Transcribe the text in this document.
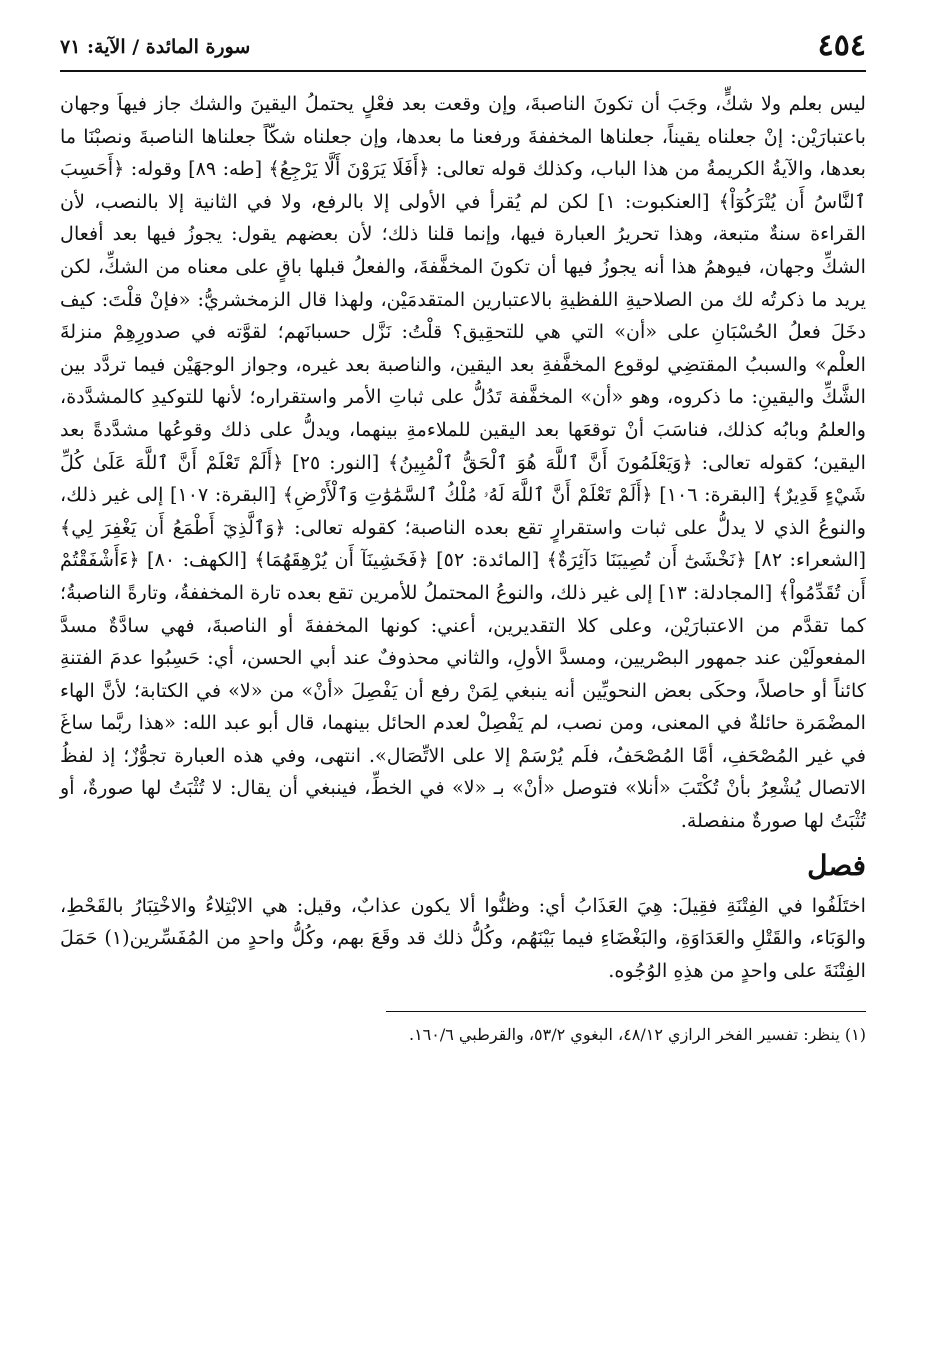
٤٥٤
سورة المائدة / الآية: ٧١

ليس بعلم ولا شكٍّ، وجَبَ أن تكونَ الناصبةَ، وإن وقعت بعد فعْلٍ يحتملُ اليقينَ والشك جاز فيهاَ وجهان باعتبارَيْن: إنْ جعلناه يقيناً، جعلناها المخففةَ ورفعنا ما بعدها، وإن جعلناه شكّاً جعلناها الناصبةَ ونصبْنَا ما بعدها، والآيةُ الكريمةُ من هذا الباب، وكذلك قوله تعالى: ﴿أَفَلَا يَرَوْنَ أَلَّا يَرْجِعُ﴾ [طه: ٨٩] وقوله: ﴿أَحَسِبَ ٱلنَّاسُ أَن يُتْرَكُوٓاْ﴾ [العنكبوت: ١] لكن لم يُقرأ في الأولى إلا بالرفع، ولا في الثانية إلا بالنصب، لأن القراءة سنةٌ متبعة، وهذا تحريرُ العبارة فيها، وإنما قلنا ذلك؛ لأن بعضهم يقول: يجوزُ فيها بعد أفعال الشكِّ وجهان، فيوهمُ هذا أنه يجوزُ فيها أن تكونَ المخفَّفةَ، والفعلُ قبلها باقٍ على معناه من الشكِّ، لكن يريد ما ذكرتُه لك من الصلاحيةِ اللفظيةِ بالاعتبارين المتقدمَيْن، ولهذا قال الزمخشريُّ: «فإنْ قلْتَ: كيف دخَلَ فعلُ الحُسْبَانِ على «أن» التي هي للتحقِيق؟ قلْتُ: نَزَّل حسبانَهم؛ لقوَّته في صدورِهِمْ منزلةَ العلْم» والسببُ المقتضِي لوقوع المخفَّفةِ بعد اليقين، والناصبة بعد غيره، وجواز الوجهَيْن فيما تردَّد بين الشَّكِّ واليقينِ: ما ذكروه، وهو «أن» المخفَّفة تَدُلُّ على ثباتِ الأمر واستقراره؛ لأنها للتوكيدِ كالمشدَّدة، والعلمُ وبابُه كذلك، فناسَبَ أنْ توقعَها بعد اليقين للملاءمةِ بينهما، ويدلُّ على ذلك وقوعُها مشدَّدةً بعد اليقين؛ كقوله تعالى: ﴿وَيَعْلَمُونَ أَنَّ ٱللَّهَ هُوَ ٱلْحَقُّ ٱلْمُبِينُ﴾ [النور: ٢٥] ﴿أَلَمْ تَعْلَمْ أَنَّ ٱللَّهَ عَلَىٰ كُلِّ شَيْءٍ قَدِيرٌ﴾ [البقرة: ١٠٦] ﴿أَلَمْ تَعْلَمْ أَنَّ ٱللَّهَ لَهُۥ مُلْكُ ٱلسَّمَٰوَٰتِ وَٱلْأَرْضِ﴾ [البقرة: ١٠٧] إلى غير ذلك، والنوعُ الذي لا يدلُّ على ثبات واستقرارٍ تقع بعده الناصبة؛ كقوله تعالى: ﴿وَٱلَّذِيٓ أَطْمَعُ أَن يَغْفِرَ لِي﴾ [الشعراء: ٨٢] ﴿نَخْشَىٰٓ أَن تُصِيبَنَا دَآئِرَةٌ﴾ [المائدة: ٥٢] ﴿فَخَشِينَآ أَن يُرْهِقَهُمَا﴾ [الكهف: ٨٠] ﴿ءَأَشْفَقْتُمْ أَن تُقَدِّمُواْ﴾ [المجادلة: ١٣] إلى غير ذلك، والنوعُ المحتملُ للأمرين تقع بعده تارة المخففةُ، وتارةً الناصبةُ؛ كما تقدَّم من الاعتبارَيْن، وعلى كلا التقديرين، أعني: كونها المخففةَ أو الناصبةَ، فهي سادَّةٌ مسدَّ المفعولَيْن عند جمهور البصْريين، ومسدَّ الأولِ، والثاني محذوفٌ عند أبي الحسن، أي: حَسِبُوا عدمَ الفتنةِ كائناً أو حاصلاً، وحكَى بعض النحويِّين أنه ينبغي لِمَنْ رفع أن يَفْصِلَ «أنْ» من «لا» في الكتابة؛ لأنَّ الهاء المضْمَرة حائلةٌ في المعنى، ومن نصب، لم يَفْصِلْ لعدم الحائل بينهما، قال أبو عبد الله: «هذا ربَّما ساغَ في غير المُصْحَفِ، أمَّا المُصْحَفُ، فلَم يُرْسَمْ إلا على الاتِّصَال». انتهى، وفي هذه العبارة تجوُّزٌ؛ إذ لفظُ الاتصال يُشْعِرُ بأنْ تُكْتَبَ «أنلا» فتوصل «أنْ» بـ «لا» في الخطِّ، فينبغي أن يقال: لا تُثْبَتُ لها صورةٌ، أو تُثْبَتُ لها صورةٌ منفصلة.

فصل

اختَلَفُوا في الفِتْنَةِ فقِيلَ: هِيَ العَذَابُ أي: وظنُّوا ألا يكون عذابٌ، وقيل: هي الابْتِلاءُ والاخْتِبَارُ بالقَحْطِ، والوَبَاء، والقَتْلِ والعَدَاوَةِ، والبَغْضَاءِ فيما بَيْنَهُم، وكُلُّ ذلك قد وقَعَ بهم، وكُلُّ واحدٍ من المُفَسِّرين(١) حَمَلَ الفِتْنَةَ على واحدٍ من هذِهِ الوُجُوه.

(١) ينظر: تفسير الفخر الرازي ٤٨/١٢، البغوي ٥٣/٢، والقرطبي ١٦٠/٦.
